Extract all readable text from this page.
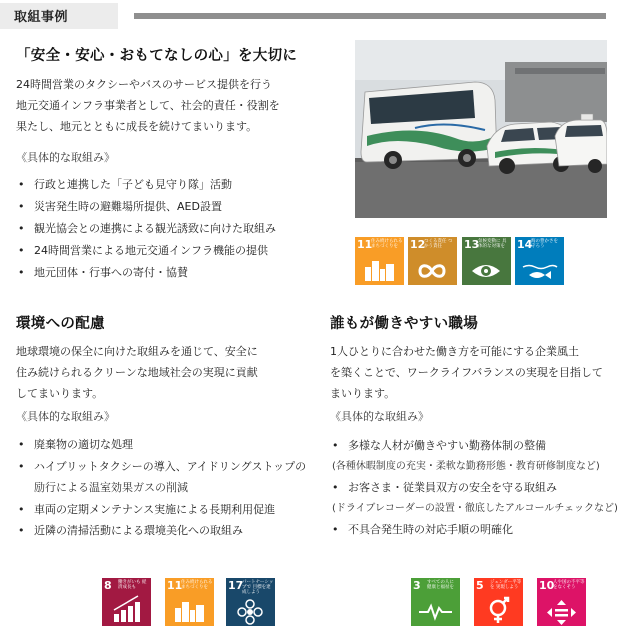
取組事例
「安全・安心・おもてなしの心」を大切に
24時間営業のタクシーやバスのサービス提供を行う
地元交通インフラ事業者として、社会的責任・役割を
果たし、地元とともに成長を続けてまいります。
《具体的な取組み》
• 行政と連携した「子ども見守り隊」活動
• 災害発生時の避難場所提供、AED設置
• 観光協会との連携による観光誘致に向けた取組み
• 24時間営業による地元交通インフラ機能の提供
• 地元団体・行事への寄付・協賛
11
住み続けられる まちづくりを	12
つくる責任 つかう責任	13
気候変動に 具体的な対策を	14
海の豊かさを 守ろう
環境への配慮
地球環境の保全に向けた取組みを通じて、安全に
住み続けられるクリーンな地域社会の実現に貢献
してまいります。
《具体的な取組み》
• 廃棄物の適切な処理
• ハイブリットタクシーの導入、アイドリングストップの
励行による温室効果ガスの削減
• 車両の定期メンテナンス実施による長期利用促進
• 近隣の清掃活動による環境美化への取組み
8 働きがいも 経済成長も	11
住み続けられる まちづくりを	17
パートナーシップで 目標を達成しよう
誰もが働きやすい職場
1人ひとりに合わせた働き方を可能にする企業風土
を築くことで、ワークライフバランスの実現を目指して
まいります。
《具体的な取組み》
• 多様な人材が働きやすい勤務体制の整備
(各種休暇制度の充実・柔軟な勤務形態・教育研修制度など)
• お客さま・従業員双方の安全を守る取組み
(ドライブレコーダーの設置・徹底したアルコールチェックなど)
• 不具合発生時の対応手順の明確化
3 すべての人に 健康と福祉を	5 ジェンダー平等を 実現しよう	10
人や国の不平等 をなくそう
